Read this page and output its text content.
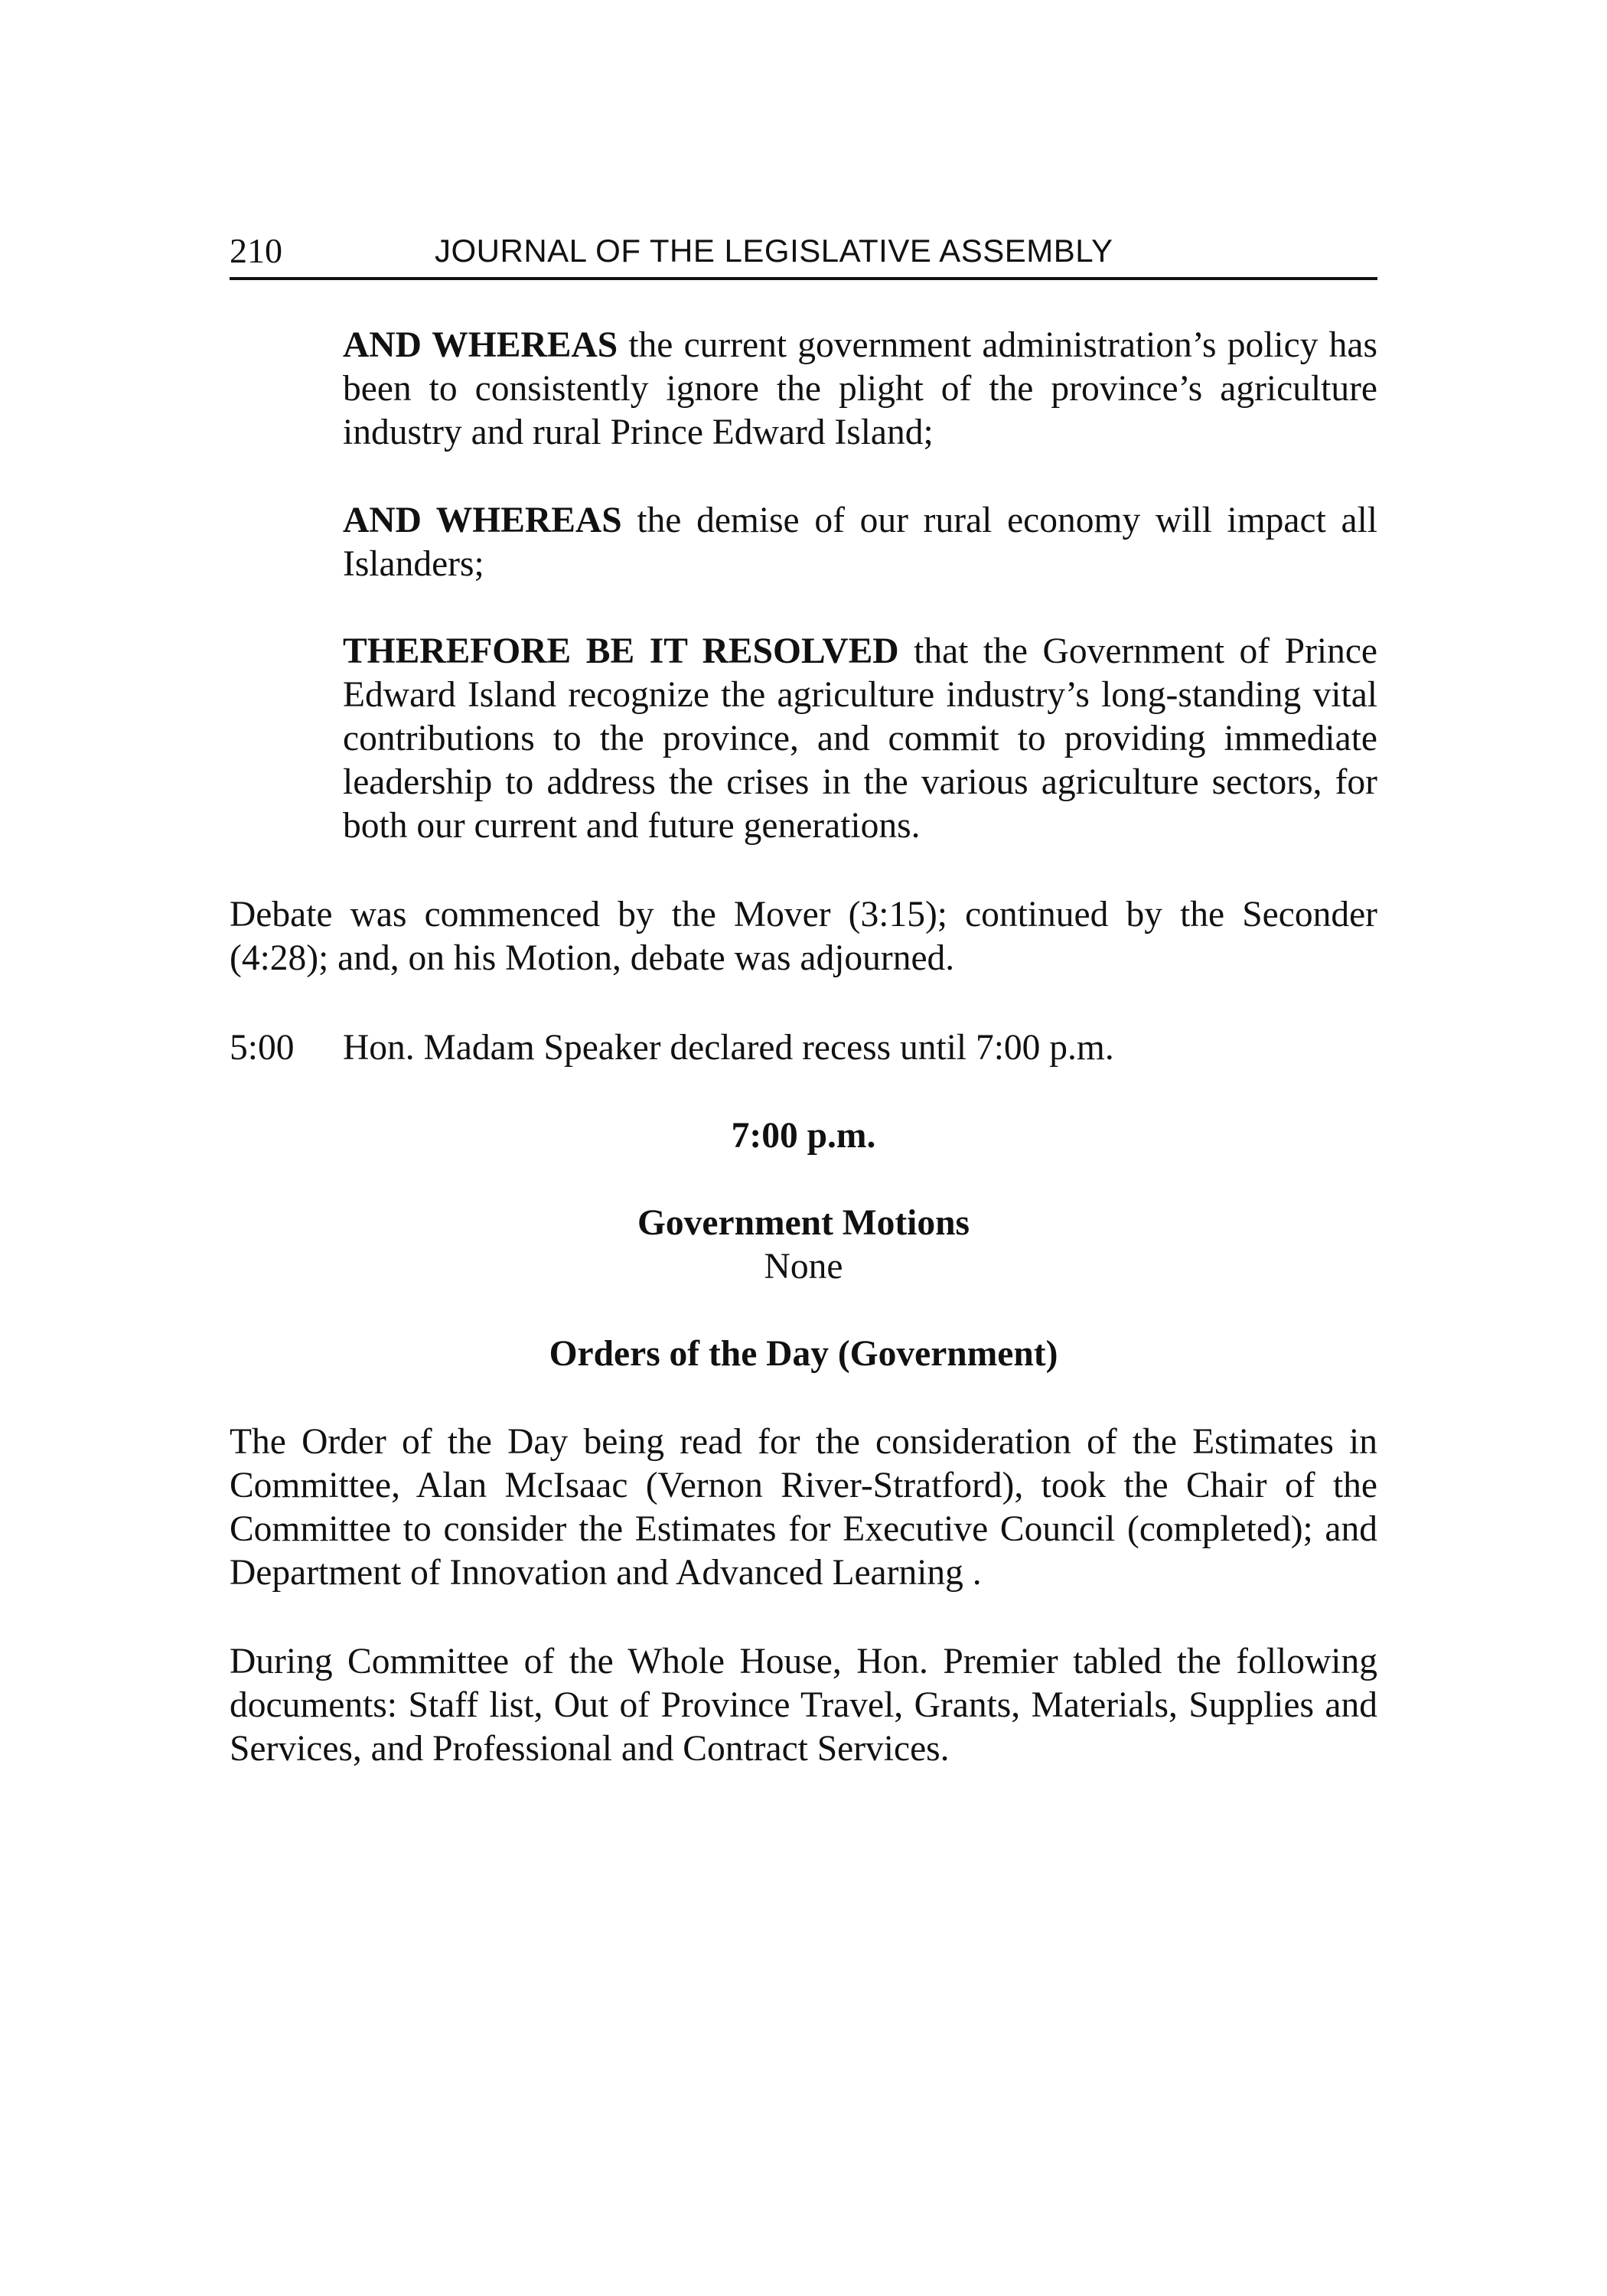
210	JOURNAL OF THE LEGISLATIVE ASSEMBLY

AND WHEREAS the current government administration’s policy has been to consistently ignore the plight of the province’s agriculture industry and rural Prince Edward Island;

AND WHEREAS the demise of our rural economy will impact all Islanders;

THEREFORE BE IT RESOLVED that the Government of Prince Edward Island recognize the agriculture industry’s long-standing vital contributions to the province, and commit to providing immediate leadership to address the crises in the various agriculture sectors, for both our current and future generations.

Debate was commenced by the Mover (3:15); continued by the Seconder (4:28); and, on his Motion, debate was adjourned.

5:00 Hon. Madam Speaker declared recess until 7:00 p.m.
7:00 p.m.
Government Motions
None
Orders of the Day (Government)

The Order of the Day being read for the consideration of the Estimates in Committee, Alan McIsaac (Vernon River-Stratford), took the Chair of the Committee to consider the Estimates for Executive Council (completed); and Department of Innovation and Advanced Learning .

During Committee of the Whole House, Hon. Premier tabled the following documents: Staff list, Out of Province Travel, Grants, Materials, Supplies and Services, and Professional and Contract Services.
